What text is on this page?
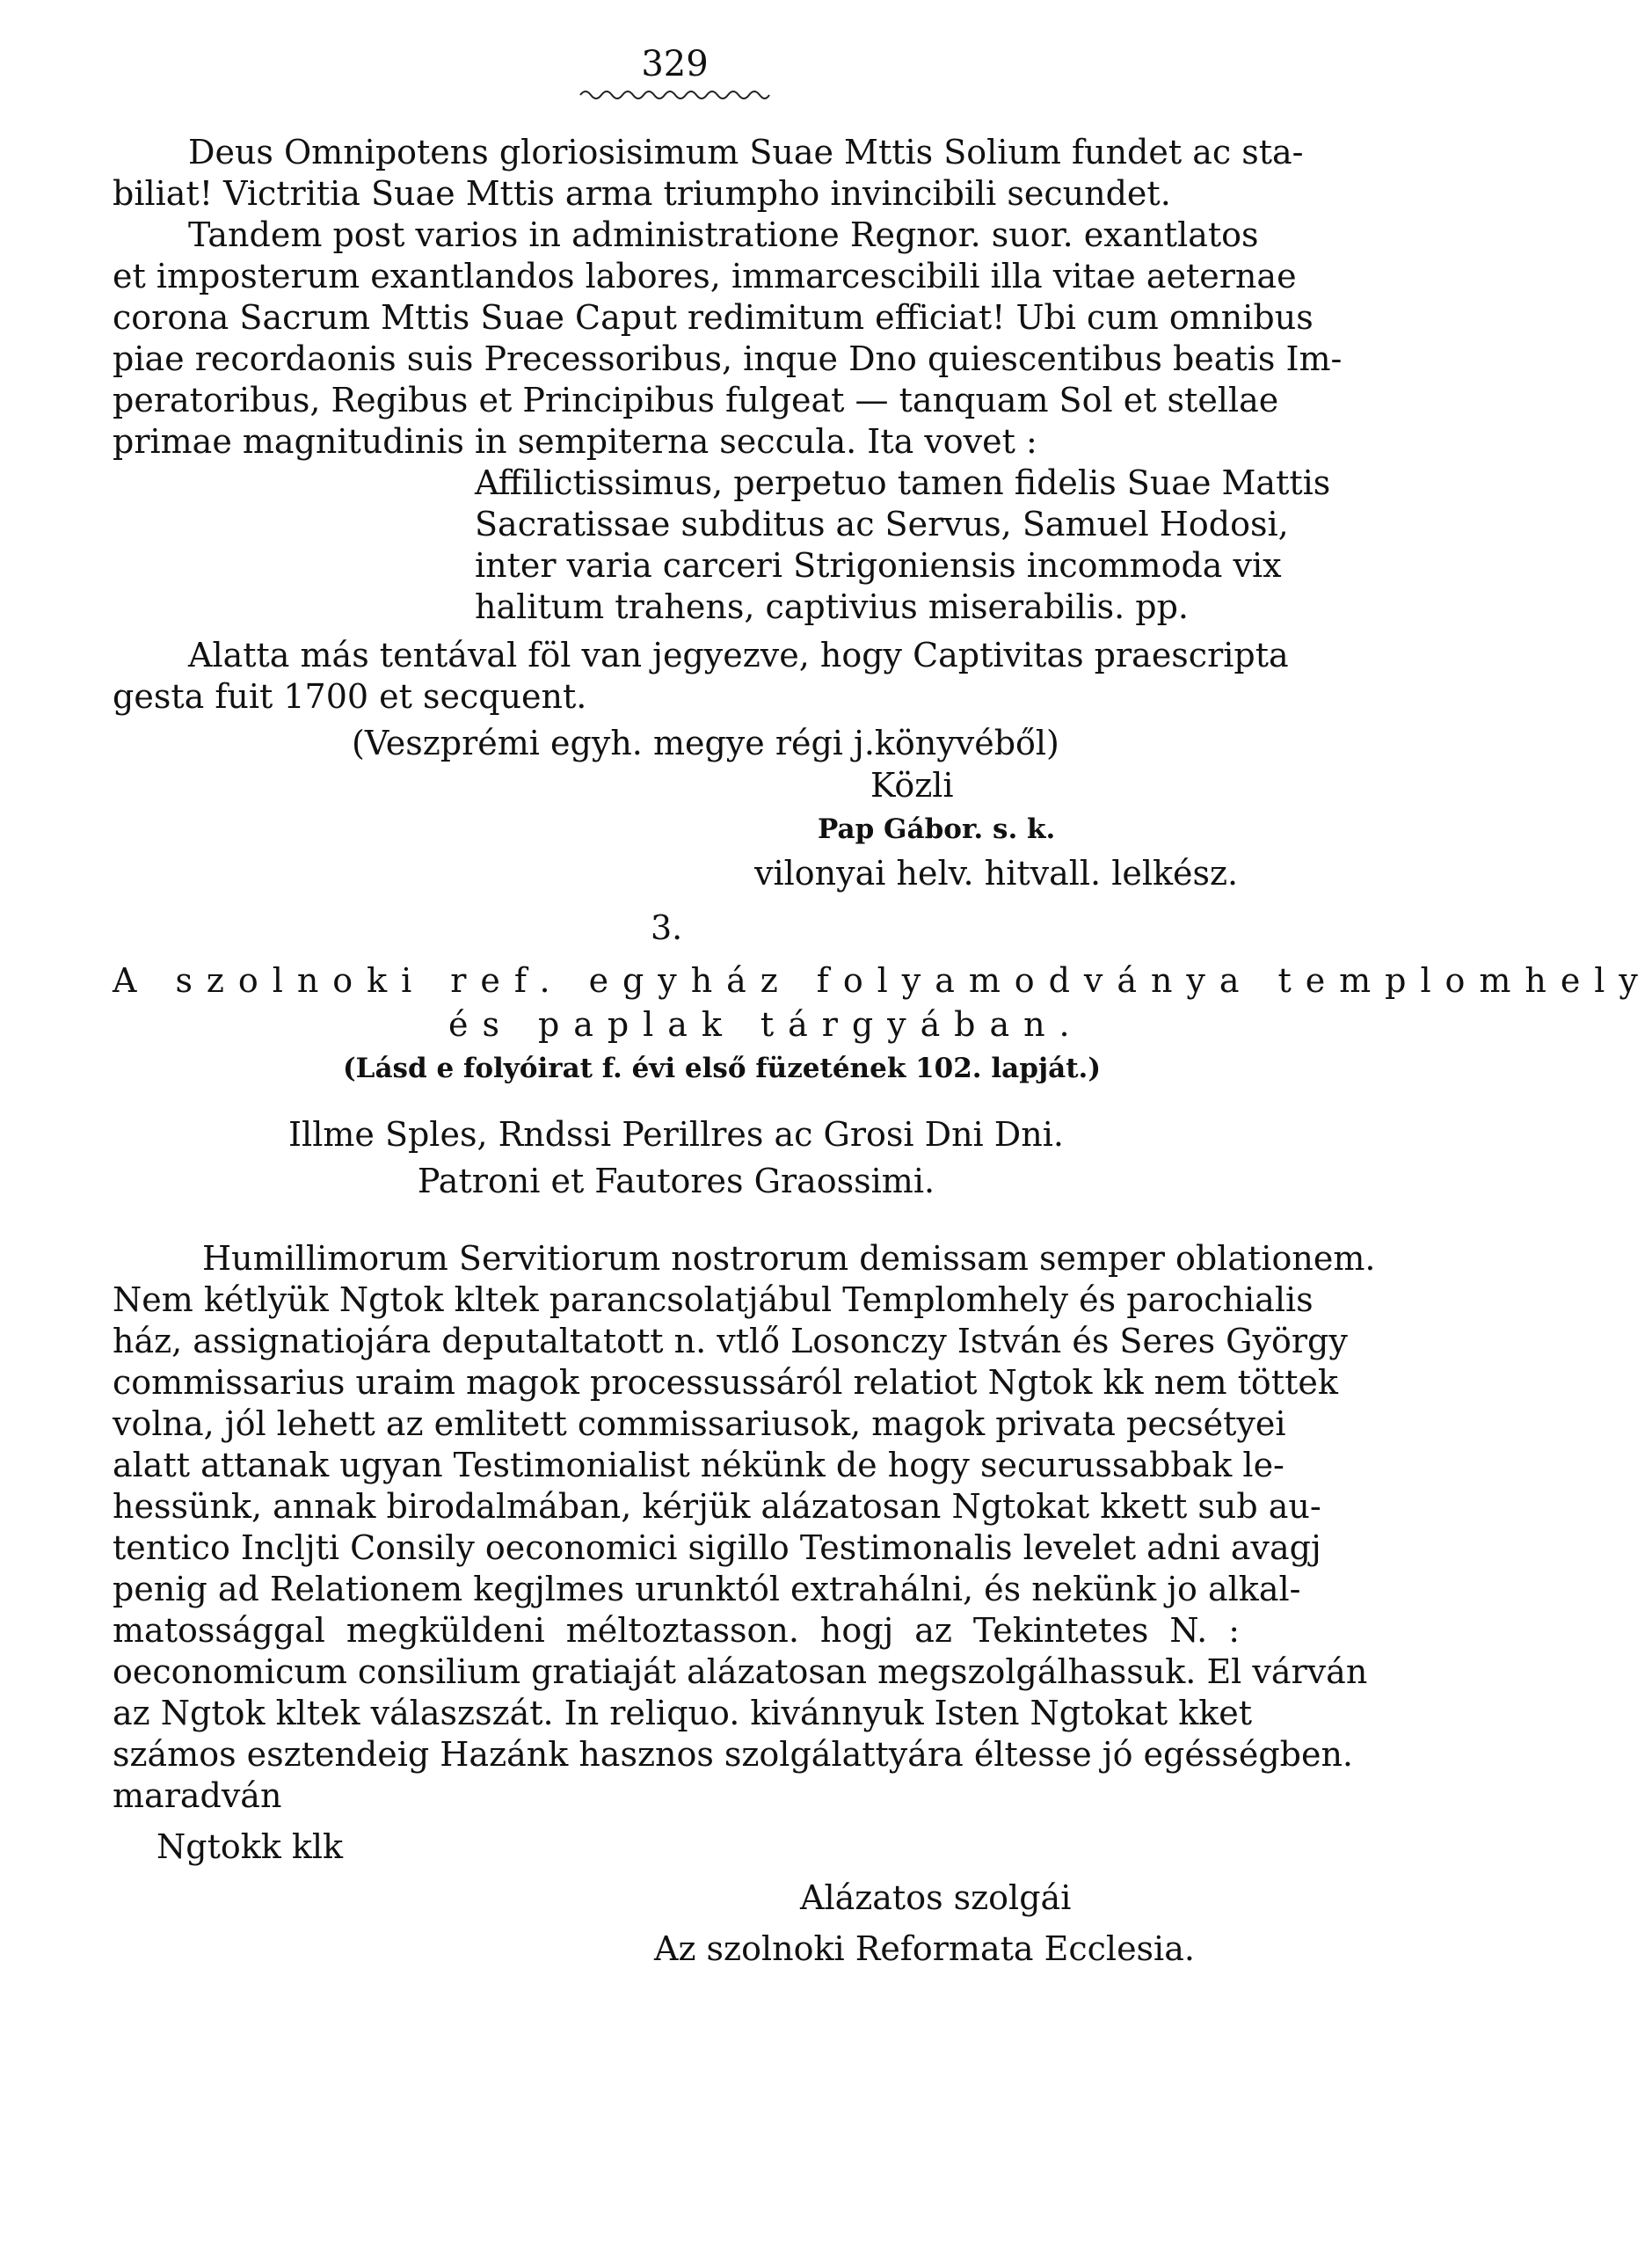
329
Deus Omnipotens gloriosisimum Suae Mttis Solium fundet ac sta-
biliat! Victritia Suae Mttis arma triumpho invincibili secundet.
Tandem post varios in administratione Regnor. suor. exantlatos
et imposterum exantlandos labores, immarcescibili illa vitae aeternae
corona Sacrum Mttis Suae Caput redimitum efficiat! Ubi cum omnibus
piae recordaonis suis Precessoribus, inque Dno quiescentibus beatis Im-
peratoribus, Regibus et Principibus fulgeat — tanquam Sol et stellae
primae magnitudinis in sempiterna seccula. Ita vovet :
Affilictissimus, perpetuo tamen fidelis Suae Mattis
Sacratissae subditus ac Servus, Samuel Hodosi,
inter varia carceri Strigoniensis incommoda vix
halitum trahens, captivius miserabilis. pp.
Alatta más tentával föl van jegyezve, hogy Captivitas praescripta
gesta fuit 1700 et secquent.
(Veszprémi egyh. megye régi j.könyvéből)
Közli
Pap Gábor. s. k.
vilonyai helv. hitvall. lelkész.
3.
A szolnoki ref. egyház folyamodványa templomhely
és paplak tárgyában.
(Lásd e folyóirat f. évi első füzetének 102. lapját.)
Illme Sples, Rndssi Perillres ac Grosi Dni Dni.
Patroni et Fautores Graossimi.
Humillimorum Servitiorum nostrorum demissam semper oblationem.
Nem kétlyük Ngtok kltek parancsolatjábul Templomhely és parochialis
ház, assignatiojára deputaltatott n. vtlő Losonczy István és Seres György
commissarius uraim magok processussáról relatiot Ngtok kk nem töttek
volna, jól lehett az emlitett commissariusok, magok privata pecsétyei
alatt attanak ugyan Testimonialist nékünk de hogy securussabbak le-
hessünk, annak birodalmában, kérjük alázatosan Ngtokat kkett sub au-
tentico Incljti Consily oeconomici sigillo Testimonalis levelet adni avagj
penig ad Relationem kegjlmes urunktól extrahálni, és nekünk jo alkal-
matossággal megküldeni méltoztasson. hogj az Tekintetes N. :
oeconomicum consilium gratiaját alázatosan megszolgálhassuk. El várván
az Ngtok kltek válaszszát. In reliquo. kivánnyuk Isten Ngtokat kket
számos esztendeig Hazánk hasznos szolgálattyára éltesse jó egésségben.
maradván
Ngtokk klk
Alázatos szolgái
Az szolnoki Reformata Ecclesia.
